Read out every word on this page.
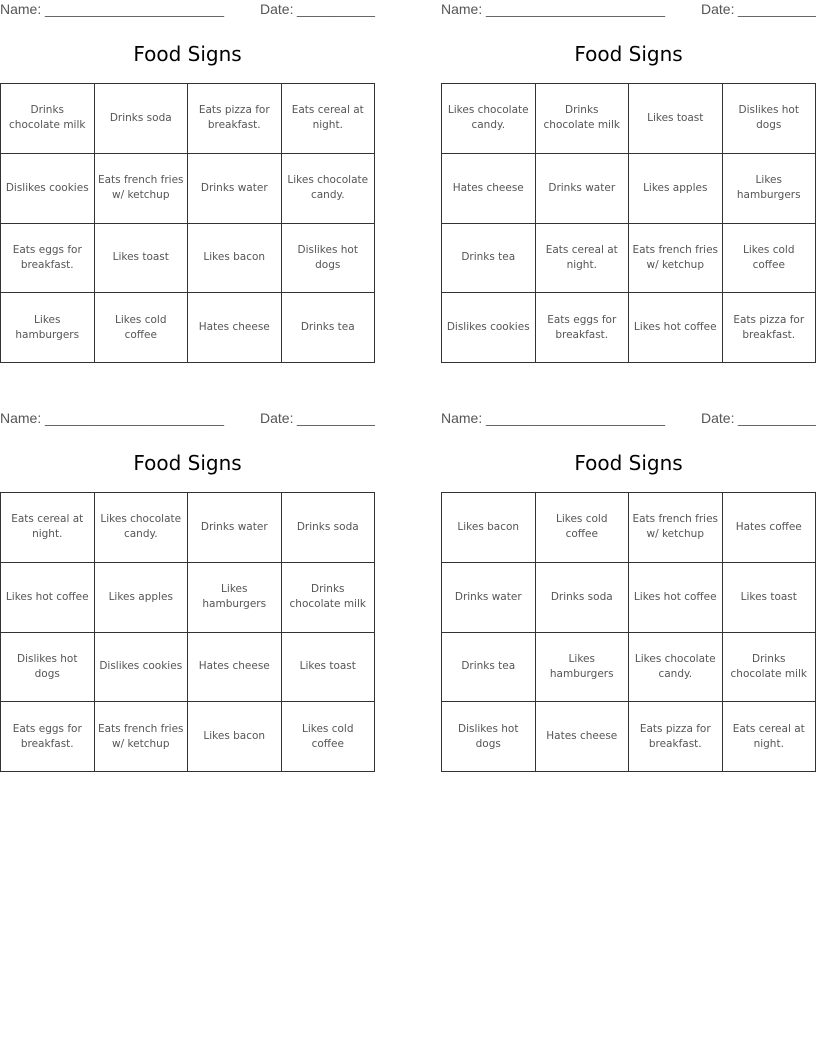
Name: _______________________	Date: __________
Food Signs
Drinks chocolate milk	Drinks soda	Eats pizza for breakfast.	Eats cereal at night.
Dislikes cookies	Eats french fries w/ ketchup	Drinks water	Likes chocolate candy.
Eats eggs for breakfast.	Likes toast	Likes bacon	Dislikes hot dogs
Likes hamburgers	Likes cold coffee	Hates cheese	Drinks tea
Name: _______________________	Date: __________
Food Signs
Likes chocolate candy.	Drinks chocolate milk	Likes toast	Dislikes hot dogs
Hates cheese	Drinks water	Likes apples	Likes hamburgers
Drinks tea	Eats cereal at night.	Eats french fries w/ ketchup	Likes cold coffee
Dislikes cookies	Eats eggs for breakfast.	Likes hot coffee	Eats pizza for breakfast.
Name: _______________________	Date: __________
Food Signs
Eats cereal at night.	Likes chocolate candy.	Drinks water	Drinks soda
Likes hot coffee	Likes apples	Likes hamburgers	Drinks chocolate milk
Dislikes hot dogs	Dislikes cookies	Hates cheese	Likes toast
Eats eggs for breakfast.	Eats french fries w/ ketchup	Likes bacon	Likes cold coffee
Name: _______________________	Date: __________
Food Signs
Likes bacon	Likes cold coffee	Eats french fries w/ ketchup	Hates coffee
Drinks water	Drinks soda	Likes hot coffee	Likes toast
Drinks tea	Likes hamburgers	Likes chocolate candy.	Drinks chocolate milk
Dislikes hot dogs	Hates cheese	Eats pizza for breakfast.	Eats cereal at night.
